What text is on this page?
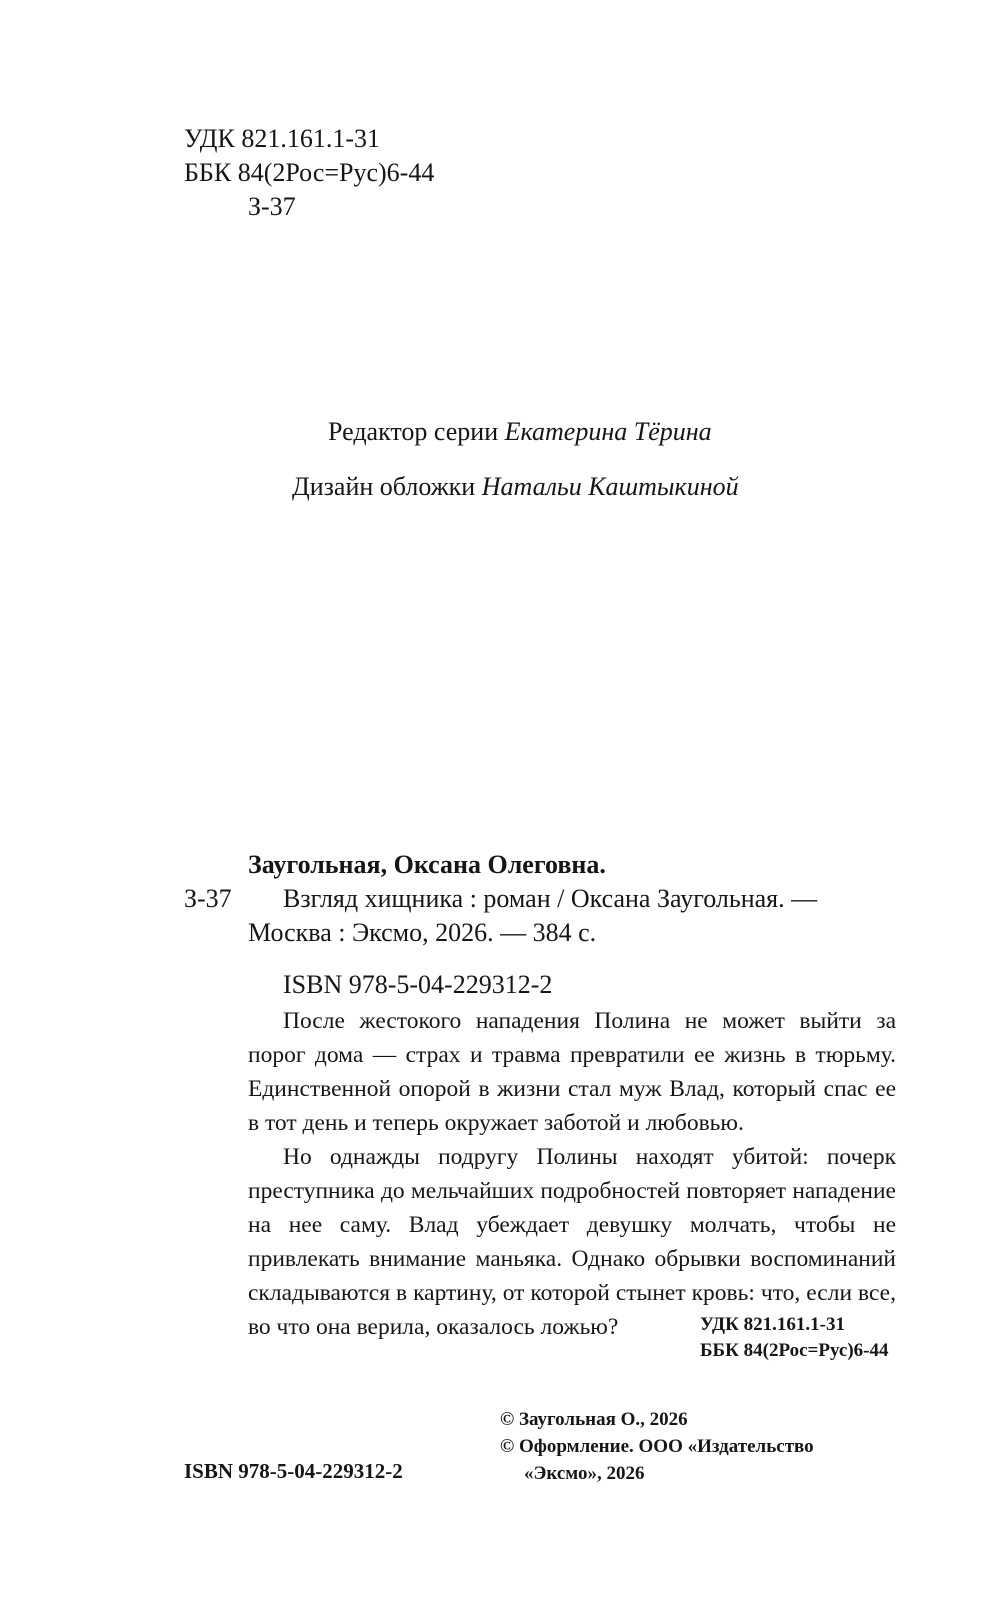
УДК 821.161.1-31
ББК 84(2Рос=Рус)6-44
З-37
Редактор серии Екатерина Тёрина
Дизайн обложки Натальи Каштыкиной
Заугольная, Оксана Олеговна.
З-37 Взгляд хищника : роман / Оксана Заугольная. —
Москва : Эксмо, 2026. — 384 с.
ISBN 978-5-04-229312-2

После жестокого нападения Полина не может выйти за порог дома — страх и травма превратили ее жизнь в тюрьму. Единственной опорой в жизни стал муж Влад, который спас ее в тот день и теперь окружает заботой и любовью.

Но однажды подругу Полины находят убитой: почерк преступника до мельчайших подробностей повторяет нападение на нее саму. Влад убеждает девушку молчать, чтобы не привлекать внимание маньяка. Однако обрывки воспоминаний складываются в картину, от которой стынет кровь: что, если все, во что она верила, оказалось ложью?	УДК 821.161.1-31
ББК 84(2Рос=Рус)6-44
© Заугольная О., 2026
© Оформление. ООО «Издательство
«Эксмо», 2026
ISBN 978-5-04-229312-2
